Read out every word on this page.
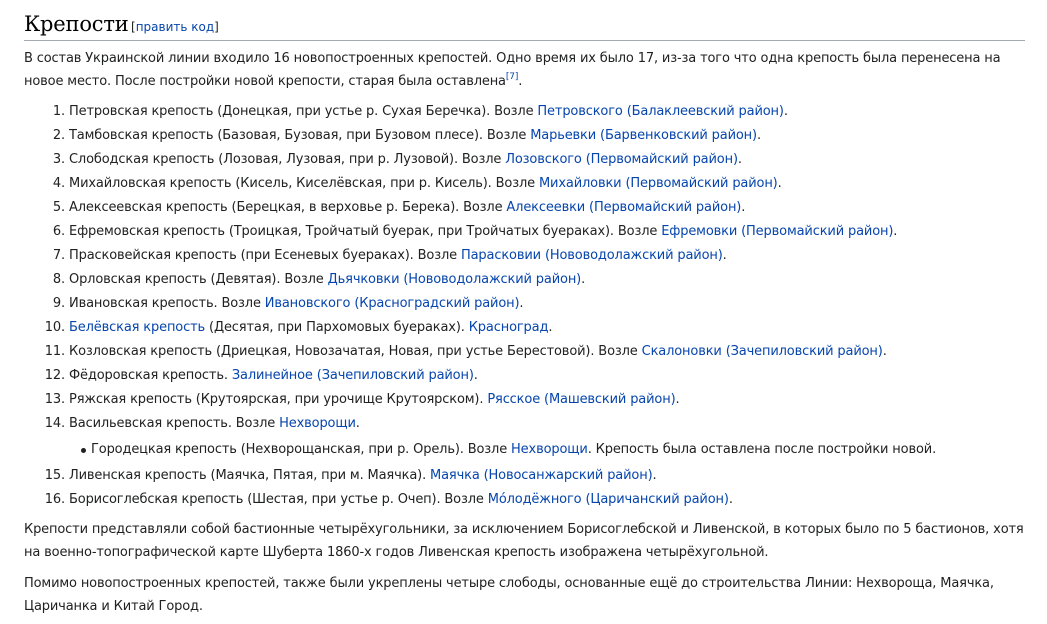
Крепости [править код]

В состав Украинской линии входило 16 новопостроенных крепостей. Одно время их было 17, из-за того что одна крепость была перенесена на новое место. После постройки новой крепости, старая была оставлена[7].

1. Петровская крепость (Донецкая, при устье р. Сухая Беречка). Возле Петровского (Балаклеевский район).
2. Тамбовская крепость (Базовая, Бузовая, при Бузовом плесе). Возле Марьевки (Барвенковский район).
3. Слободская крепость (Лозовая, Лузовая, при р. Лузовой). Возле Лозовского (Первомайский район).
4. Михайловская крепость (Кисель, Киселёвская, при р. Кисель). Возле Михайловки (Первомайский район).
5. Алексеевская крепость (Берецкая, в верховье р. Берека). Возле Алексеевки (Первомайский район).
6. Ефремовская крепость (Троицкая, Тройчатый буерак, при Тройчатых буераках). Возле Ефремовки (Первомайский район).
7. Прасковейская крепость (при Есеневых буераках). Возле Парасковии (Нововодолажский район).
8. Орловская крепость (Девятая). Возле Дьячковки (Нововодолажский район).
9. Ивановская крепость. Возле Ивановского (Красноградский район).
10. Белёвская крепость (Десятая, при Пархомовых буераках). Красноград.
11. Козловская крепость (Дриецкая, Новозачатая, Новая, при устье Берестовой). Возле Скалоновки (Зачепиловский район).
12. Фёдоровская крепость. Залинейное (Зачепиловский район).
13. Ряжская крепость (Крутоярская, при урочище Крутоярском). Рясское (Машевский район).
14. Васильевская крепость. Возле Нехворощи.
15. Ливенская крепость (Маячка, Пятая, при м. Маячка). Маячка (Новосанжарский район).
16. Борисоглебская крепость (Шестая, при устье р. Очеп). Возле Мóлодёжного (Царичанский район).
Городецкая крепость (Нехворощанская, при р. Орель). Возле Нехворощи. Крепость была оставлена после постройки новой.

Крепости представляли собой бастионные четырёхугольники, за исключением Борисоглебской и Ливенской, в которых было по 5 бастионов, хотя на военно-топографической карте Шуберта 1860-х годов Ливенская крепость изображена четырёхугольной.

Помимо новопостроенных крепостей, также были укреплены четыре слободы, основанные ещё до строительства Линии: Нехвороща, Маячка, Царичанка и Китай Город.
